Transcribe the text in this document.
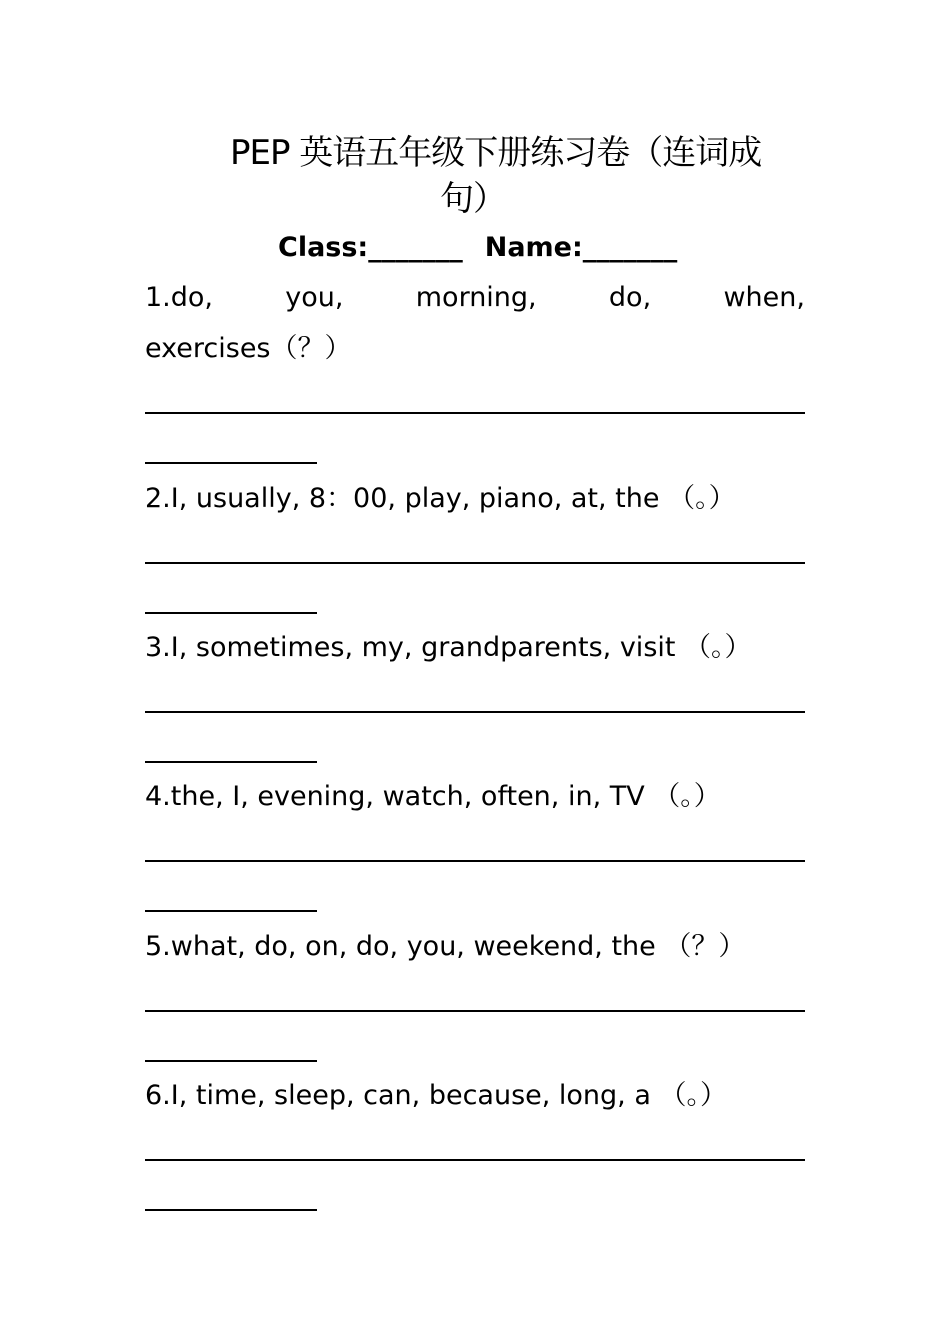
PEP 英语五年级下册练习卷（连词成
句）
Class:_______ Name:_______
1.do,	you,	morning,	do,	when,
exercises（？）
2.I, usually, 8：00, play, piano, at, the （。）
3.I, sometimes, my, grandparents, visit （。）
4.the, I, evening, watch, often, in, TV （。）
5.what, do, on, do, you, weekend, the （？）
6.I, time, sleep, can, because, long, a （。）
